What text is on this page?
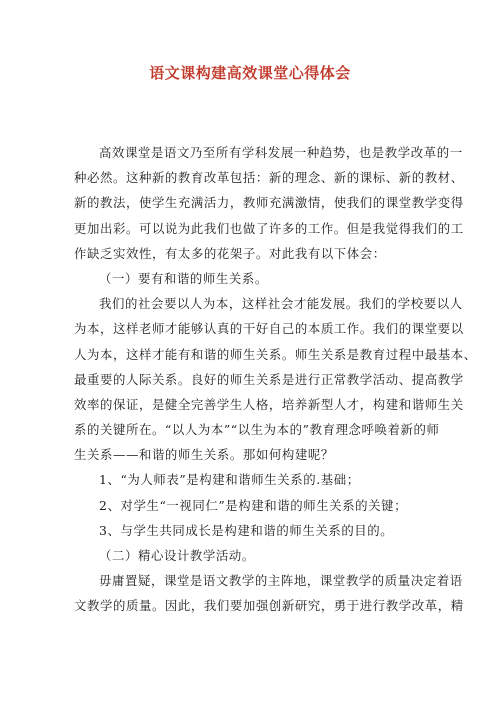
语文课构建高效课堂心得体会
高效课堂是语文乃至所有学科发展一种趋势，也是教学改革的一
种必然。这种新的教育改革包括：新的理念、新的课标、新的教材、
新的教法，使学生充满活力，教师充满激情，使我们的课堂教学变得
更加出彩。可以说为此我们也做了许多的工作。但是我觉得我们的工
作缺乏实效性，有太多的花架子。对此我有以下体会：
（一）要有和谐的师生关系。
我们的社会要以人为本，这样社会才能发展。我们的学校要以人
为本，这样老师才能够认真的干好自己的本质工作。我们的课堂要以
人为本，这样才能有和谐的师生关系。师生关系是教育过程中最基本、
最重要的人际关系。良好的师生关系是进行正常教学活动、提高教学
效率的保证，是健全完善学生人格，培养新型人才，构建和谐师生关
系的关键所在。“以人为本”“以生为本的”教育理念呼唤着新的师
生关系——和谐的师生关系。那如何构建呢？
1、“为人师表”是构建和谐师生关系的.基础；
2、对学生“一视同仁”是构建和谐的师生关系的关键；
3、与学生共同成长是构建和谐的师生关系的目的。
（二）精心设计教学活动。
毋庸置疑，课堂是语文教学的主阵地，课堂教学的质量决定着语
文教学的质量。因此，我们要加强创新研究，勇于进行教学改革，精
